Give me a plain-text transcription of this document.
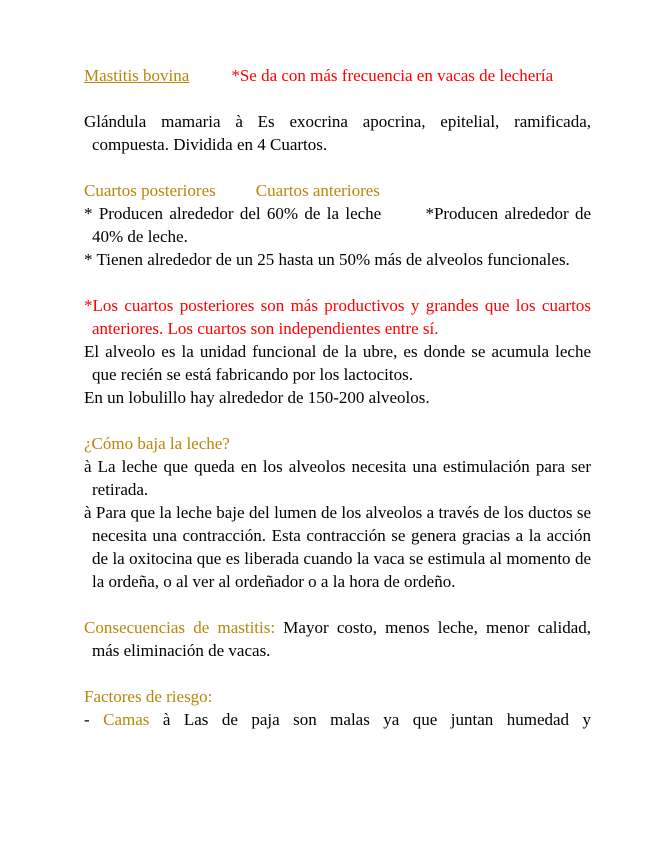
Mastitis bovina *Se da con más frecuencia en vacas de lechería

Glándula mamaria à Es exocrina apocrina, epitelial, ramificada, compuesta. Dividida en 4 Cuartos.

Cuartos posteriores Cuartos anteriores

* Producen alrededor del 60% de la leche	*Producen alrededor de 40% de leche.

* Tienen alrededor de un 25 hasta un 50% más de alveolos funcionales.

*Los cuartos posteriores son más productivos y grandes que los cuartos anteriores. Los cuartos son independientes entre sí.

El alveolo es la unidad funcional de la ubre, es donde se acumula leche que recién se está fabricando por los lactocitos.

En un lobulillo hay alrededor de 150-200 alveolos.

¿Cómo baja la leche?

à La leche que queda en los alveolos necesita una estimulación para ser retirada.

à Para que la leche baje del lumen de los alveolos a través de los ductos se necesita una contracción. Esta contracción se genera gracias a la acción de la oxitocina que es liberada cuando la vaca se estimula al momento de la ordeña, o al ver al ordeñador o a la hora de ordeño.

Consecuencias de mastitis: Mayor costo, menos leche, menor calidad, más eliminación de vacas.

Factores de riesgo:

- Camas à Las de paja son malas ya que juntan humedad y
